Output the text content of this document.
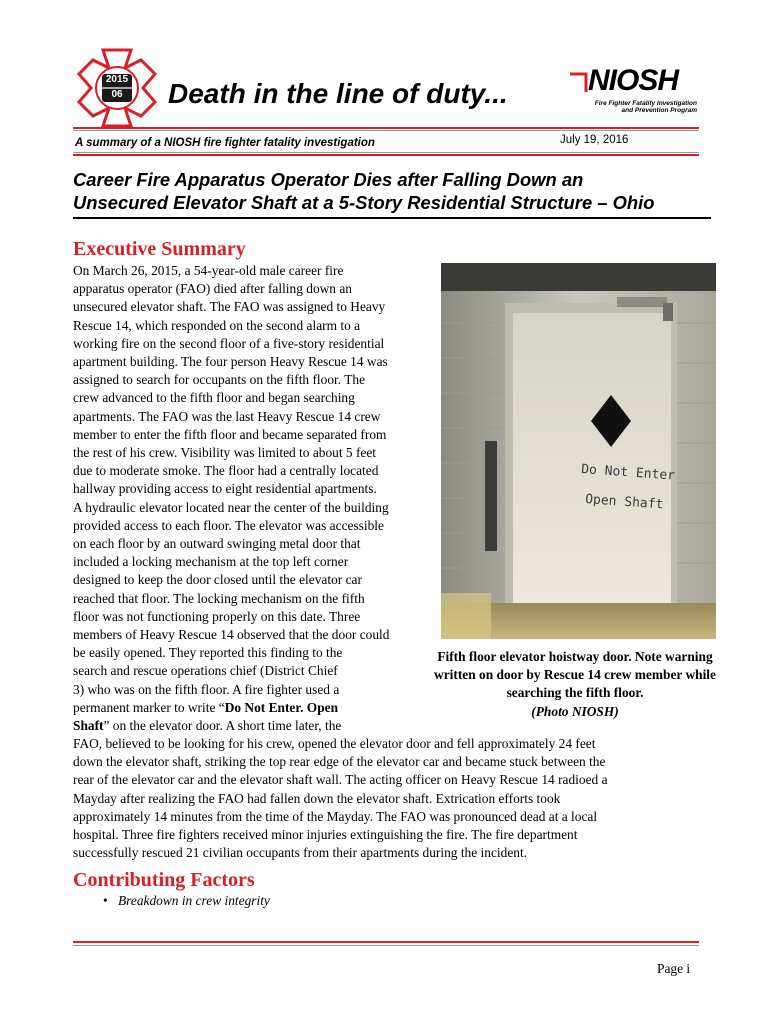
2015
06	Death in the line of duty...	NIOSH
Fire Fighter Fatality Investigation
and Prevention Program
A summary of a NIOSH fire fighter fatality investigation	July 19, 2016
Career Fire Apparatus Operator Dies after Falling Down an
Unsecured Elevator Shaft at a 5-Story Residential Structure – Ohio
Executive Summary
On March 26, 2015, a 54-year-old male career fire
apparatus operator (FAO) died after falling down an
unsecured elevator shaft. The FAO was assigned to Heavy
Rescue 14, which responded on the second alarm to a
working fire on the second floor of a five-story residential
apartment building. The four person Heavy Rescue 14 was
assigned to search for occupants on the fifth floor. The
crew advanced to the fifth floor and began searching
apartments. The FAO was the last Heavy Rescue 14 crew
member to enter the fifth floor and became separated from
the rest of his crew. Visibility was limited to about 5 feet
due to moderate smoke. The floor had a centrally located
hallway providing access to eight residential apartments.
A hydraulic elevator located near the center of the building
provided access to each floor. The elevator was accessible
on each floor by an outward swinging metal door that
included a locking mechanism at the top left corner
designed to keep the door closed until the elevator car
reached that floor. The locking mechanism on the fifth
floor was not functioning properly on this date. Three
members of Heavy Rescue 14 observed that the door could
be easily opened. They reported this finding to the
search and rescue operations chief (District Chief
3) who was on the fifth floor. A fire fighter used a
permanent marker to write “Do Not Enter. Open
Shaft” on the elevator door. A short time later, the
FAO, believed to be looking for his crew, opened the elevator door and fell approximately 24 feet
down the elevator shaft, striking the top rear edge of the elevator car and became stuck between the
rear of the elevator car and the elevator shaft wall. The acting officer on Heavy Rescue 14 radioed a
Mayday after realizing the FAO had fallen down the elevator shaft. Extrication efforts took
approximately 14 minutes from the time of the Mayday. The FAO was pronounced dead at a local
hospital. Three fire fighters received minor injuries extinguishing the fire. The fire department
successfully rescued 21 civilian occupants from their apartments during the incident.
Do Not Enter
Open Shaft
Fifth floor elevator hoistway door. Note warning
written on door by Rescue 14 crew member while
searching the fifth floor.
(Photo NIOSH)
Contributing Factors
• Breakdown in crew integrity
Page i
